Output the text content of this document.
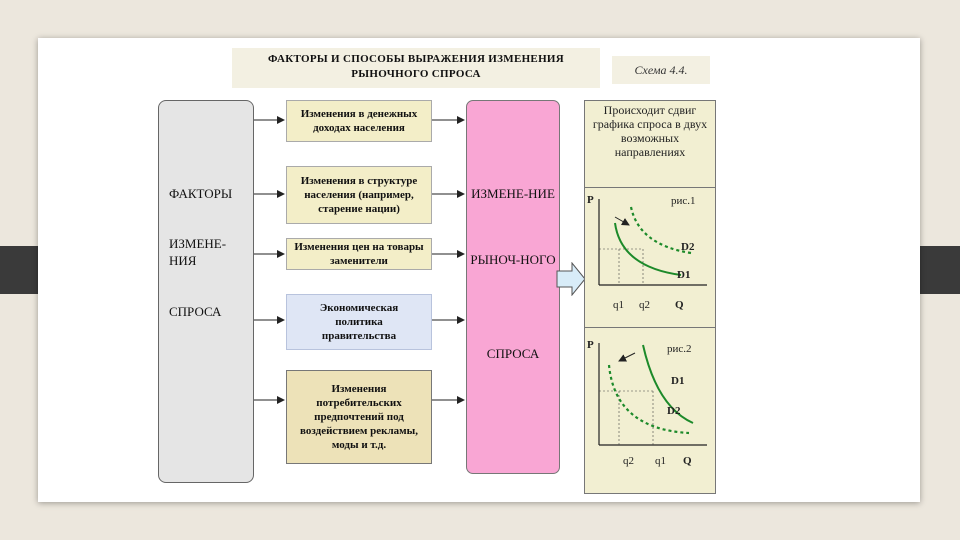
ФАКТОРЫ И СПОСОБЫ ВЫРАЖЕНИЯ ИЗМЕНЕНИЯ
РЫНОЧНОГО СПРОСА	Схема 4.4.
ФАКТОРЫ
ИЗМЕНЕ-НИЯ
СПРОСА
Изменения в денежных доходах населения
Изменения в структуре населения (например, старение нации)
Изменения цен на товары заменители
Экономическая политика правительства
Изменения потребительских предпочтений под воздействием рекламы, моды и т.д.
ИЗМЕНЕ-НИЕ
РЫНОЧ-НОГО
СПРОСА
Происходит сдвиг графика спроса в двух возможных направлениях
P	рис.1
D2
D1
q1 q2 Q
P	рис.2
D1
D2
q2 q1 Q
